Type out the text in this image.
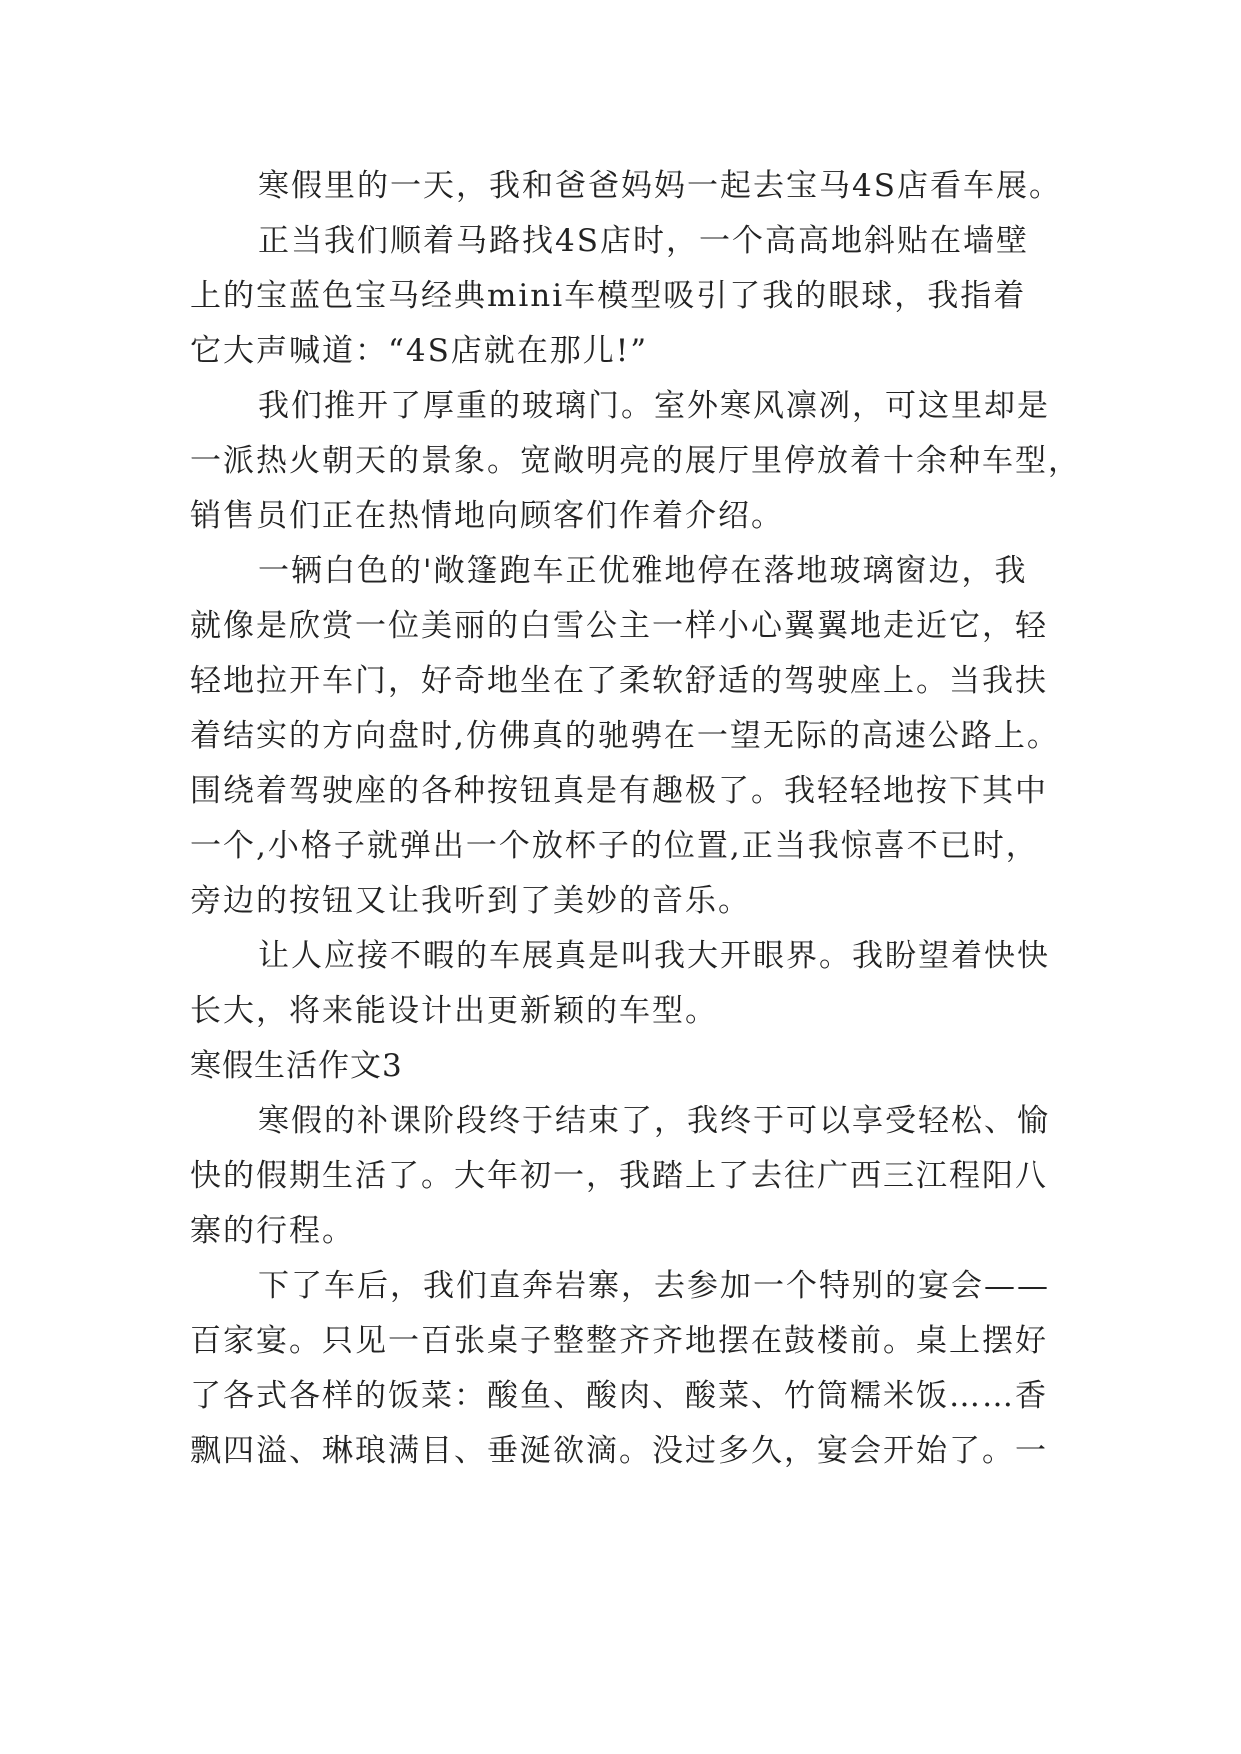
寒假里的一天，我和爸爸妈妈一起去宝马4S店看车展。
正当我们顺着马路找4S店时，一个高高地斜贴在墙壁
上的宝蓝色宝马经典mini车模型吸引了我的眼球，我指着
它大声喊道：“4S店就在那儿!”
我们推开了厚重的玻璃门。室外寒风凛冽，可这里却是
一派热火朝天的景象。宽敞明亮的展厅里停放着十余种车型，
销售员们正在热情地向顾客们作着介绍。
一辆白色的'敞篷跑车正优雅地停在落地玻璃窗边，我
就像是欣赏一位美丽的白雪公主一样小心翼翼地走近它，轻
轻地拉开车门，好奇地坐在了柔软舒适的驾驶座上。当我扶
着结实的方向盘时,仿佛真的驰骋在一望无际的高速公路上。
围绕着驾驶座的各种按钮真是有趣极了。我轻轻地按下其中
一个,小格子就弹出一个放杯子的位置,正当我惊喜不已时，
旁边的按钮又让我听到了美妙的音乐。
让人应接不暇的车展真是叫我大开眼界。我盼望着快快
长大，将来能设计出更新颖的车型。
寒假生活作文3
寒假的补课阶段终于结束了，我终于可以享受轻松、愉
快的假期生活了。大年初一，我踏上了去往广西三江程阳八
寨的行程。
下了车后，我们直奔岩寨，去参加一个特别的宴会——
百家宴。只见一百张桌子整整齐齐地摆在鼓楼前。桌上摆好
了各式各样的饭菜：酸鱼、酸肉、酸菜、竹筒糯米饭……香
飘四溢、琳琅满目、垂涎欲滴。没过多久，宴会开始了。一
